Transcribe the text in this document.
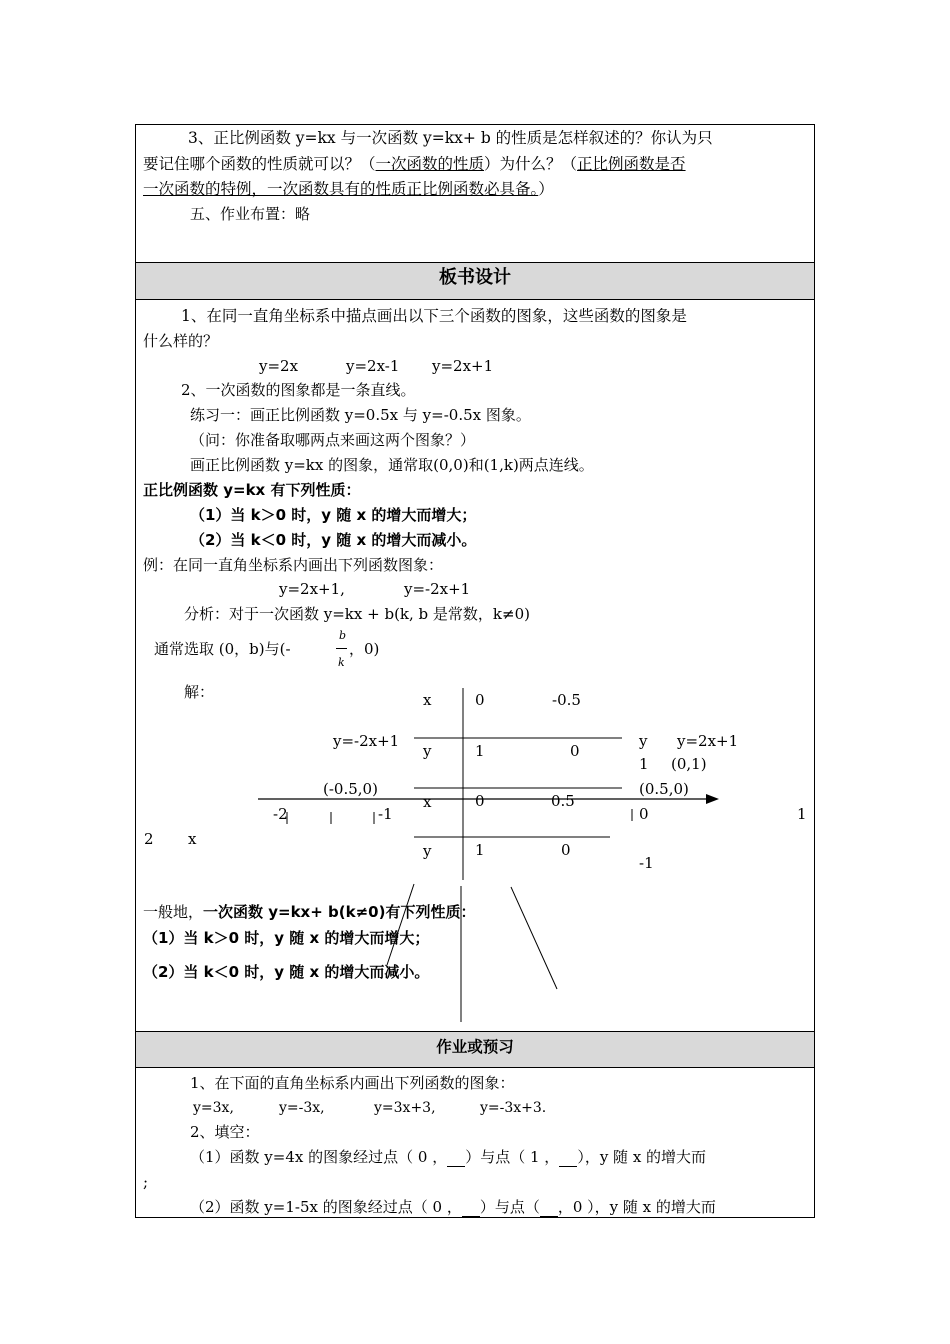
3、正比例函数 y=kx 与一次函数 y=kx+ b 的性质是怎样叙述的？你认为只
要记住哪个函数的性质就可以？（一次函数的性质）为什么？（正比例函数是否
一次函数的特例，一次函数具有的性质正比例函数必具备。）
五、作业布置：略
板书设计
1、在同一直角坐标系中描点画出以下三个函数的图象，这些函数的图象是
什么样的？
y=2x	y=2x-1 y=2x+1
2、一次函数的图象都是一条直线。
练习一：画正比例函数 y=0.5x 与 y=-0.5x 图象。
（问：你准备取哪两点来画这两个图象？）
画正比例函数 y=kx 的图象，通常取(0,0)和(1,k)两点连线。
正比例函数 y=kx 有下列性质：
（1）当 k＞0 时，y 随 x 的增大而增大；
（2）当 k＜0 时，y 随 x 的增大而减小。
例：在同一直角坐标系内画出下列函数图象：
y=2x+1,	y=-2x+1
分析：对于一次函数 y=kx + b(k, b 是常数，k≠0)
通常选取 (0，b)与(-
b
k
，0)
解：	x	0	-0.5
y	1	0
y=-2x+1	y y=2x+1
1 (0,1)
(-0.5,0)	(0.5,0)
x	0	0.5
-2	-1	0	1
2 x
y	1	0
-1
一般地，一次函数 y=kx+ b(k≠0)有下列性质：
（1）当 k＞0 时，y 随 x 的增大而增大；
（2）当 k＜0 时，y 随 x 的增大而减小。
作业或预习
1、在下面的直角坐标系内画出下列函数的图象：
y=3x,	y=-3x,	y=3x+3,	y=-3x+3.
2、填空：
（1）函数 y=4x 的图象经过点（ 0 ， ）与点（ 1 ， ），y 随 x 的增大而
;
（2）函数 y=1-5x 的图象经过点（ 0 ， ）与点（ ，0 ），y 随 x 的增大而
